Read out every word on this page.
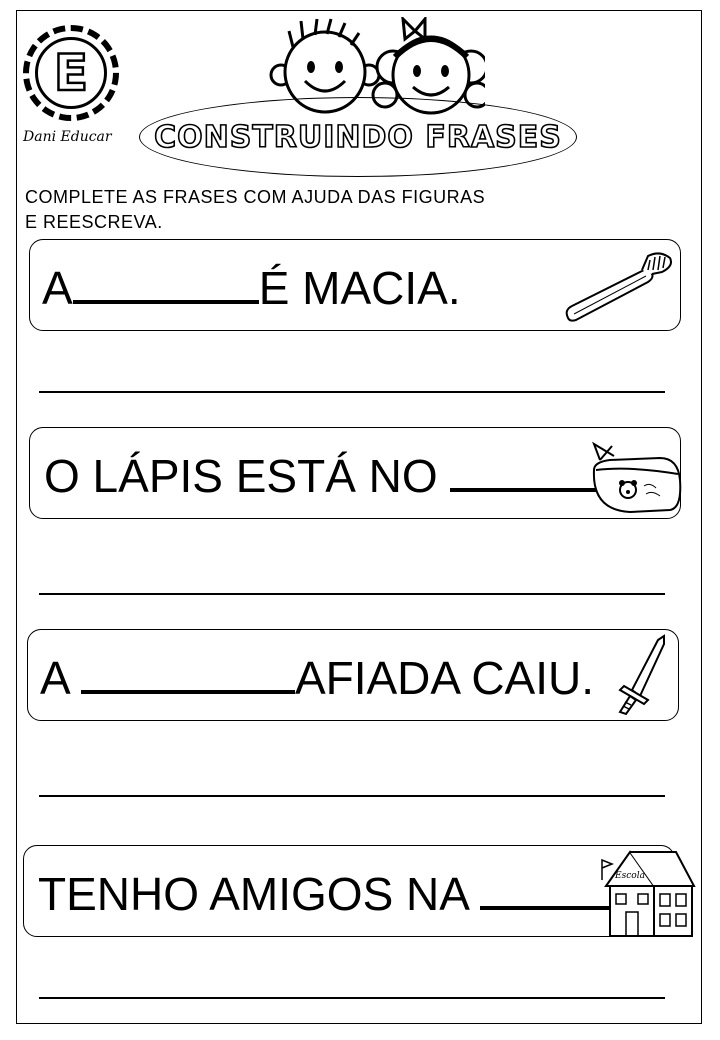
E
Dani Educar CONSTRUINDO FRASES
COMPLETE AS FRASES COM AJUDA DAS FIGURAS
E REESCREVA.
A	É MACIA.
O LÁPIS ESTÁ NO
A	AFIADA CAIU.
TENHO AMIGOS NA	Escola
